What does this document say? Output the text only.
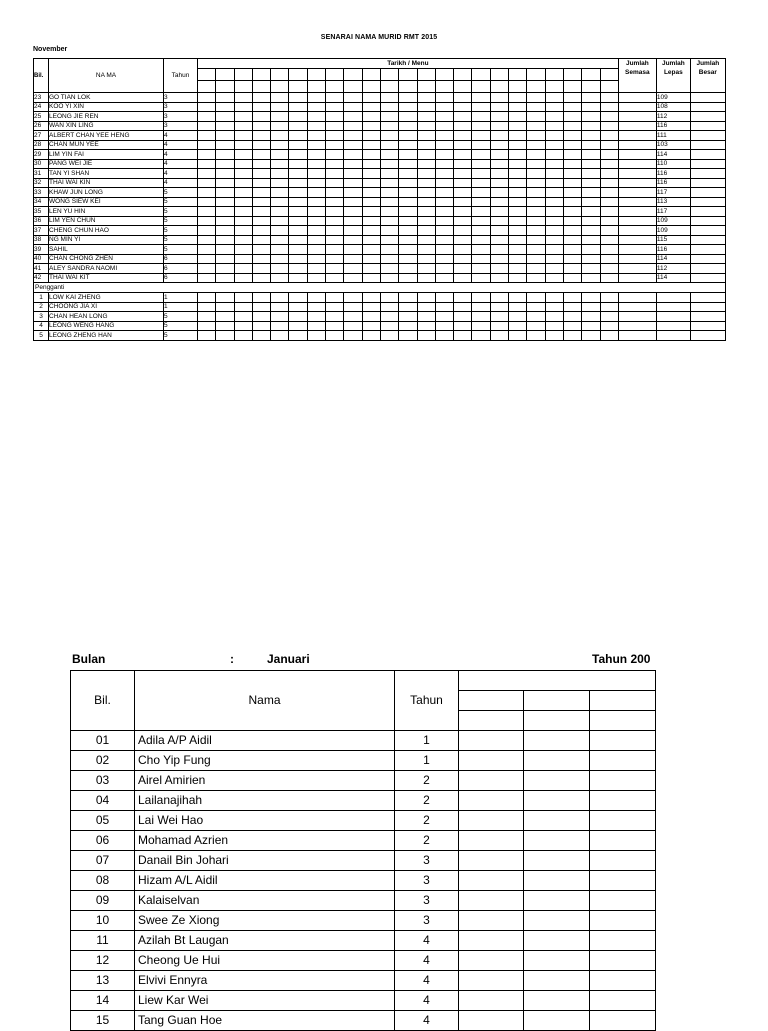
SENARAI NAMA MURID RMT 2015
November
Bil.	NA MA	Tahun	Tarikh / Menu																							Jumlah	Jumlah	Jumlah
																										Semasa	Lepas	Besar

23	GO TIAN LOK	3																									109	
24	KOO YI XIN	3																									108	
25	LEONG JIE REN	3																									112	
26	WAN XIN LING	3																									116	
27	ALBERT CHAN YEE HENG	4																									111	
28	CHAN MUN YEE	4																									103	
29	LIM YIN FAI	4																									114	
30	PANG WEI JIE	4																									110	
31	TAN YI SHAN	4																									116	
32	THAI WAI KIN	4																									116	
33	KHAW JUN LONG	5																									117	
34	WONG SIEW KEI	5																									113	
35	LEN YU HIN	5																									117	
36	LIM YEN CHUN	5																									109	
37	CHENG CHUN HAO	5																									109	
38	NG MIN YI	5																									115	
39	SAHIL	5																									116	
40	CHAN CHONG ZHEN	6																									114	
41	ALEY SANDRA NAOMI	6																									112	
42	THAI WAI KIT	6																									114	
Pengganti																												
1	LOW KAI ZHENG	1																										
2	CHOONG JIA XI	1																										
3	CHAN HEAN LONG	5																										
4	LEONG WENG HANG	5																										
5	LEONG ZHENG HAN	5																										
Bulan	:	Januari	Tahun 200
Bil.	Nama	Tahun			

01	Adila A/P Aidil	1			
02	Cho Yip Fung	1			
03	Airel Amirien	2			
04	Lailanajihah	2			
05	Lai Wei Hao	2			
06	Mohamad Azrien	2			
07	Danail Bin Johari	3			
08	Hizam A/L Aidil	3			
09	Kalaiselvan	3			
10	Swee Ze Xiong	3			
11	Azilah Bt Laugan	4			
12	Cheong Ue Hui	4			
13	Elvivi Ennyra	4			
14	Liew Kar Wei	4			
15	Tang Guan Hoe	4			
